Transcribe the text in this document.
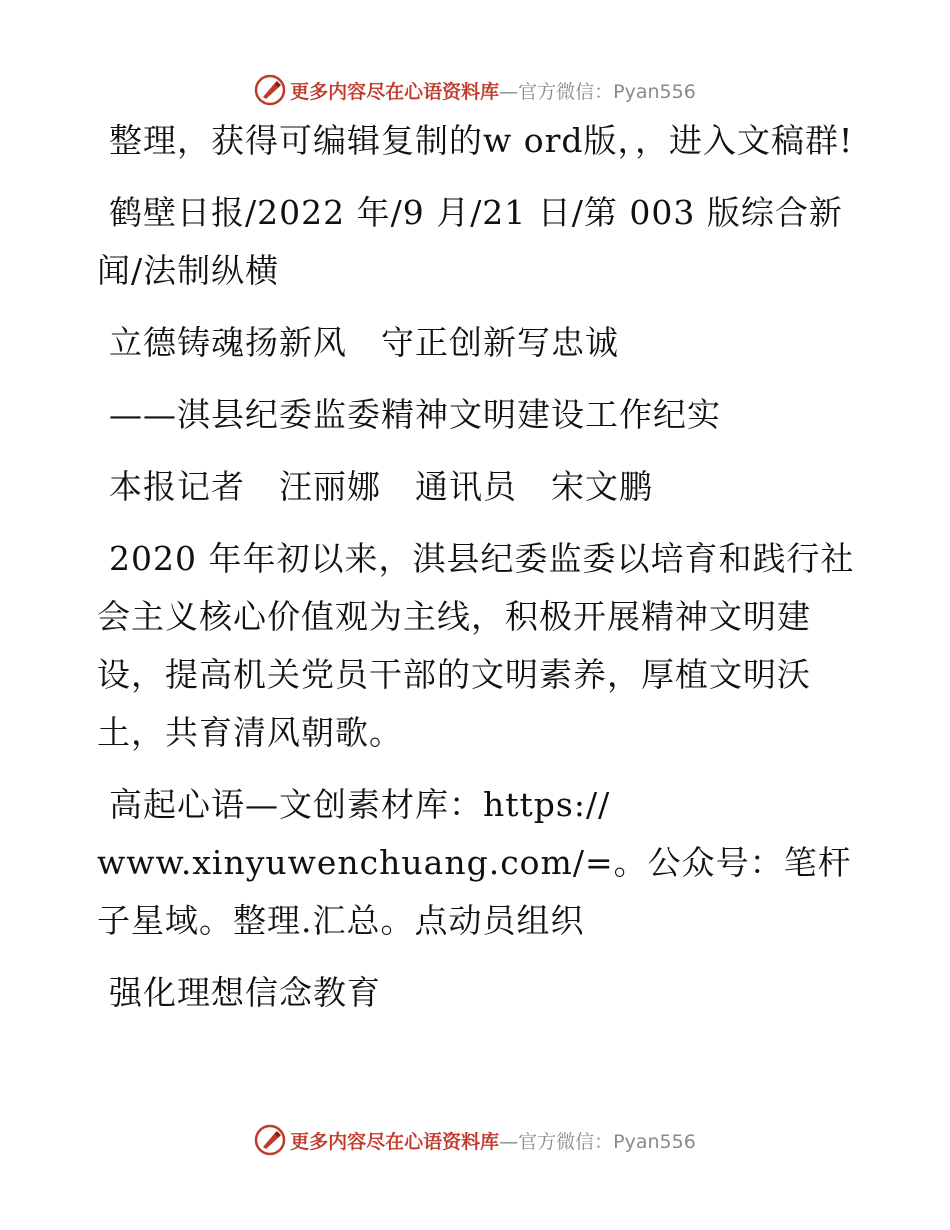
更多内容尽在心语资料库 —官方微信：Pyan556

整理，获得可编辑复制的w ord版，，进入文稿群!

鹤壁日报/2022 年/9 月/21 日/第 003 版综合新闻/法制纵横

立德铸魂扬新风　守正创新写忠诚

——淇县纪委监委精神文明建设工作纪实

本报记者　汪丽娜　通讯员　宋文鹏

2020 年年初以来，淇县纪委监委以培育和践行社会主义核心价值观为主线，积极开展精神文明建设，提高机关党员干部的文明素养，厚植文明沃土，共育清风朝歌。

高起心语—文创素材库：https://
www.xinyuwenchuang.com/=。公众号：笔杆子星域。整理.汇总。点动员组织

强化理想信念教育

更多内容尽在心语资料库 —官方微信：Pyan556
